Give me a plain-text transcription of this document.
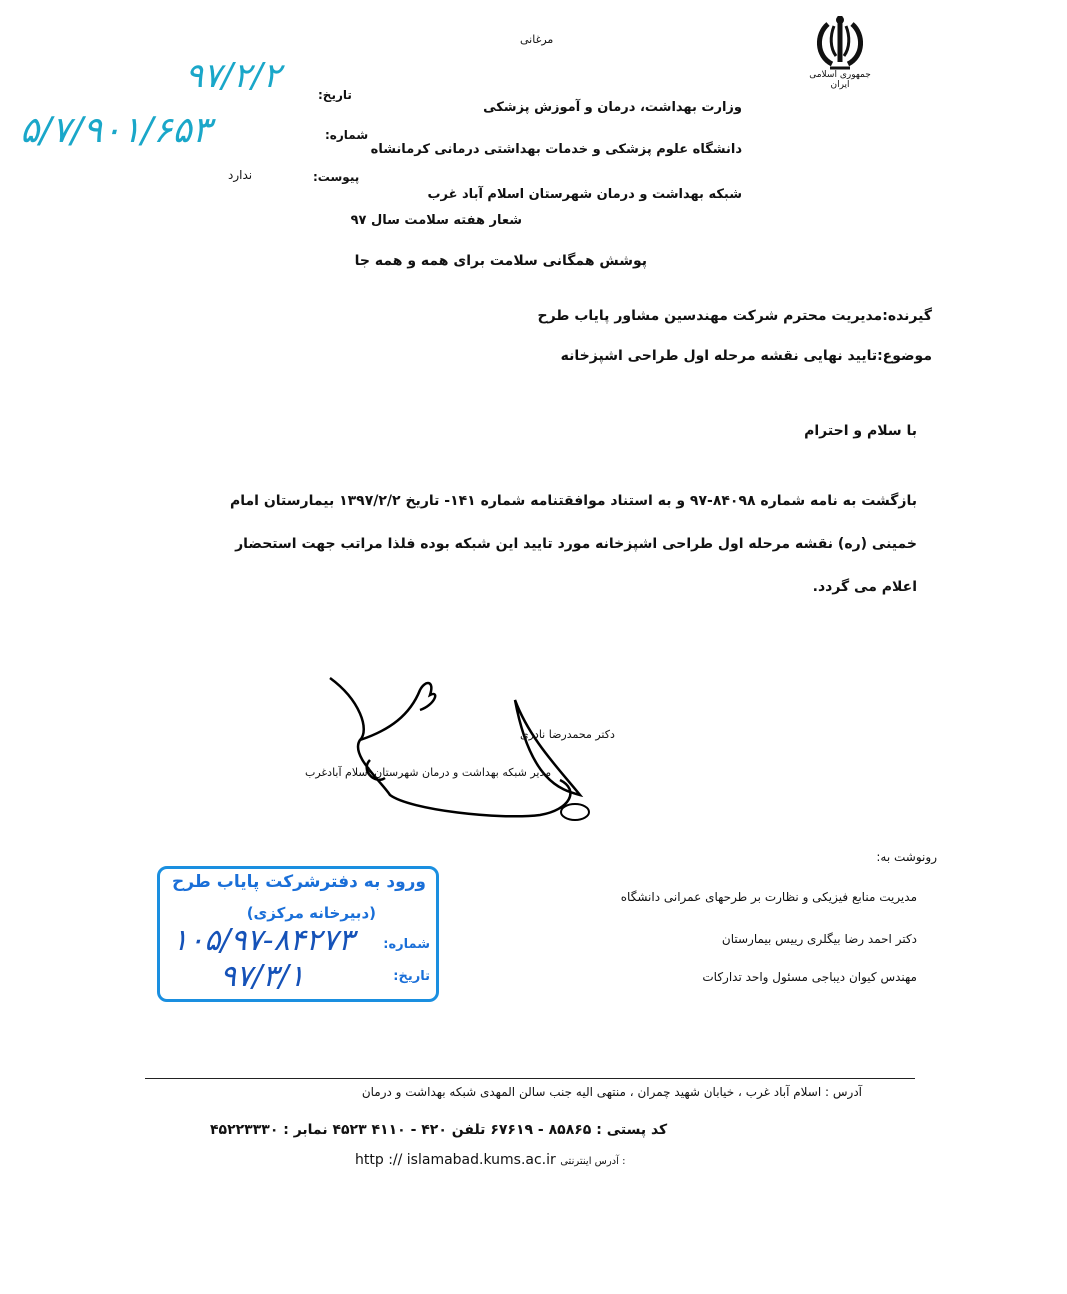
جمهوری اسلامی ایران
مرغانی
تاریخ:
شماره:
پیوست:
ندارد
۹۷/۲/۲
۵/۷/۹۰۱/۶۵۳
وزارت بهداشت، درمان و آموزش پزشکی
دانشگاه علوم پزشکی و خدمات بهداشتی درمانی کرمانشاه
شبکه بهداشت و درمان شهرستان اسلام آباد غرب
شعار هفته سلامت سال ۹۷
پوشش همگانی سلامت برای همه و همه جا
گیرنده:مدیریت محترم شرکت مهندسین مشاور پایاب طرح
موضوع:تایید نهایی نقشه مرحله اول طراحی اشپزخانه
با سلام و احترام
بازگشت به نامه شماره ۸۴۰۹۸-۹۷ و به استناد موافقتنامه شماره ۱۴۱- تاریخ ۱۳۹۷/۲/۲ بیمارستان امام
خمینی (ره) نقشه مرحله اول طراحی اشپزخانه مورد تایید این شبکه بوده فلذا مراتب جهت استحضار
اعلام می گردد.
دکتر محمدرضا نادری
مدیر شبکه بهداشت و درمان شهرستان اسلام آبادغرب
رونوشت به:
مدیریت منابع فیزیکی و نظارت بر طرحهای عمرانی دانشگاه
دکتر احمد رضا بیگلری رییس بیمارستان
مهندس کیوان دیباجی مسئول واحد تدارکات
ورود به دفترشرکت پایاب طرح
(دبیرخانه مرکزی)
شماره:
تاریخ:
۱۰۵/۹۷-۸۴۲۷۳
۹۷/۳/۱
آدرس : اسلام آباد غرب ، خیابان شهید چمران ، منتهی الیه جنب سالن المهدی شبکه بهداشت و درمان
کد پستی : ۸۵۸۶۵ - ۶۷۶۱۹ تلفن ۴۲۰ - ۴۱۱۰ ۴۵۲۳ نمابر : ۴۵۲۲۳۳۳۰
http :// islamabad.kums.ac.ir آدرس اینترنتی :
